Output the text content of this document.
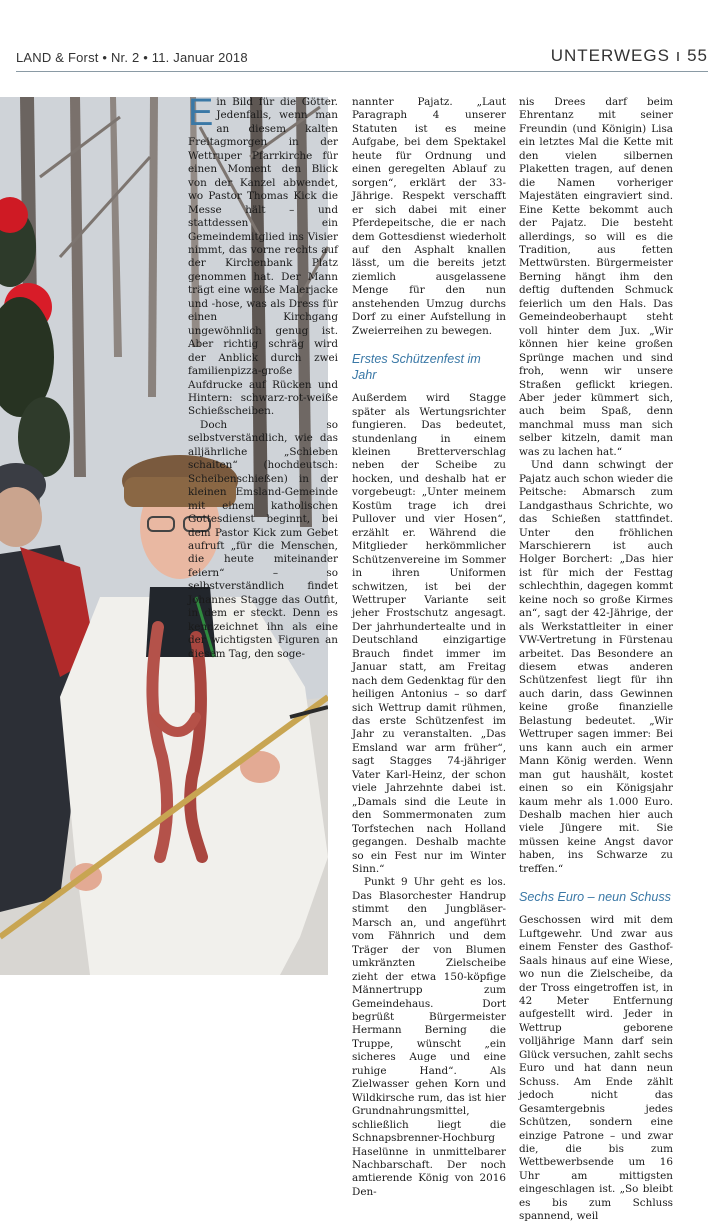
LAND & Forst • Nr. 2 • 11. Januar 2018	UNTERWEGS ı 55
E in Bild für die Götter. Jedenfalls, wenn man an diesem kalten Freitagmorgen in der Wettruper Pfarrkirche für einen Moment den Blick von der Kanzel abwendet, wo Pastor Thomas Kick die Messe hält – und stattdessen ein Gemeindemitglied ins Visier nimmt, das vorne rechts auf der Kirchenbank Platz genommen hat. Der Mann trägt eine weiße Malerjacke und -hose, was als Dress für einen Kirchgang ungewöhnlich genug ist. Aber richtig schräg wird der Anblick durch zwei familienpizza-große Aufdrucke auf Rücken und Hintern: schwarz-rot-weiße Schießscheiben.

Doch so selbstverständlich, wie das alljährliche „Schieben schaiten“ (hochdeutsch: Scheibenschießen) in der kleinen Emsland-Gemeinde mit einem katholischen Gottesdienst beginnt, bei dem Pastor Kick zum Gebet aufruft „für die Menschen, die heute miteinander feiern“ – so selbstverständlich findet Johannes Stagge das Outfit, in dem er steckt. Denn es kennzeichnet ihn als eine der wichtigsten Figuren an diesem Tag, den soge-

nannter Pajatz. „Laut Paragraph 4 unserer Statuten ist es meine Aufgabe, bei dem Spektakel heute für Ordnung und einen geregelten Ablauf zu sorgen“, erklärt der 33-Jährige. Respekt verschafft er sich dabei mit einer Pferdepeitsche, die er nach dem Gottesdienst wiederholt auf den Asphalt knallen lässt, um die bereits jetzt ziemlich ausgelassene Menge für den nun anstehenden Umzug durchs Dorf zu einer Aufstellung in Zweierreihen zu bewegen.

Erstes Schützenfest im Jahr

Außerdem wird Stagge später als Wertungsrichter fungieren. Das bedeutet, stundenlang in einem kleinen Bretterverschlag neben der Scheibe zu hocken, und deshalb hat er vorgebeugt: „Unter meinem Kostüm trage ich drei Pullover und vier Hosen“, erzählt er. Während die Mitglieder herkömmlicher Schützenvereine im Sommer in ihren Uniformen schwitzen, ist bei der Wettruper Variante seit jeher Frostschutz angesagt. Der jahrhundertealte und in Deutschland einzigartige Brauch findet immer im Januar statt, am Freitag nach dem Gedenktag für den heiligen Antonius – so darf sich Wettrup damit rühmen, das erste Schützenfest im Jahr zu veranstalten. „Das Emsland war arm früher“, sagt Stagges 74-jähriger Vater Karl-Heinz, der schon viele Jahrzehnte dabei ist. „Damals sind die Leute in den Sommermonaten zum Torfstechen nach Holland gegangen. Deshalb machte so ein Fest nur im Winter Sinn.“

Punkt 9 Uhr geht es los. Das Blasorchester Handrup stimmt den Jungbläser-Marsch an, und angeführt vom Fähnrich und dem Träger der von Blumen umkränzten Zielscheibe zieht der etwa 150-köpfige Männertrupp zum Gemeindehaus. Dort begrüßt Bürgermeister Hermann Berning die Truppe, wünscht „ein sicheres Auge und eine ruhige Hand“. Als Zielwasser gehen Korn und Wildkirsche rum, das ist hier Grundnahrungsmittel, schließlich liegt die Schnapsbrenner-Hochburg Haselünne in unmittelbarer Nachbarschaft. Der noch amtierende König von 2016 Den-

nis Drees darf beim Ehrentanz mit seiner Freundin (und Königin) Lisa ein letztes Mal die Kette mit den vielen silbernen Plaketten tragen, auf denen die Namen vorheriger Majestäten eingraviert sind. Eine Kette bekommt auch der Pajatz. Die besteht allerdings, so will es die Tradition, aus fetten Mettwürsten. Bürgermeister Berning hängt ihm den deftig duftenden Schmuck feierlich um den Hals. Das Gemeindeoberhaupt steht voll hinter dem Jux. „Wir können hier keine großen Sprünge machen und sind froh, wenn wir unsere Straßen geflickt kriegen. Aber jeder kümmert sich, auch beim Spaß, denn manchmal muss man sich selber kitzeln, damit man was zu lachen hat.“

Und dann schwingt der Pajatz auch schon wieder die Peitsche: Abmarsch zum Landgasthaus Schrichte, wo das Schießen stattfindet. Unter den fröhlichen Marschierern ist auch Holger Borchert: „Das hier ist für mich der Festtag schlechthin, dagegen kommt keine noch so große Kirmes an“, sagt der 42-Jährige, der als Werkstattleiter in einer VW-Vertretung in Fürstenau arbeitet. Das Besondere an diesem etwas anderen Schützenfest liegt für ihn auch darin, dass Gewinnen keine große finanzielle Belastung bedeutet. „Wir Wettruper sagen immer: Bei uns kann auch ein armer Mann König werden. Wenn man gut haushält, kostet einen so ein Königsjahr kaum mehr als 1.000 Euro. Deshalb machen hier auch viele Jüngere mit. Sie müssen keine Angst davor haben, ins Schwarze zu treffen.“

Sechs Euro – neun Schuss

Geschossen wird mit dem Luftgewehr. Und zwar aus einem Fenster des Gasthof-Saals hinaus auf eine Wiese, wo nun die Zielscheibe, da der Tross eingetroffen ist, in 42 Meter Entfernung aufgestellt wird. Jeder in Wettrup geborene volljährige Mann darf sein Glück versuchen, zahlt sechs Euro und hat dann neun Schuss. Am Ende zählt jedoch nicht das Gesamtergebnis jedes Schützen, sondern eine einzige Patrone – und zwar die, die bis zum Wettbewerbsende um 16 Uhr am mittigsten eingeschlagen ist. „So bleibt es bis zum Schluss spannend, weil
